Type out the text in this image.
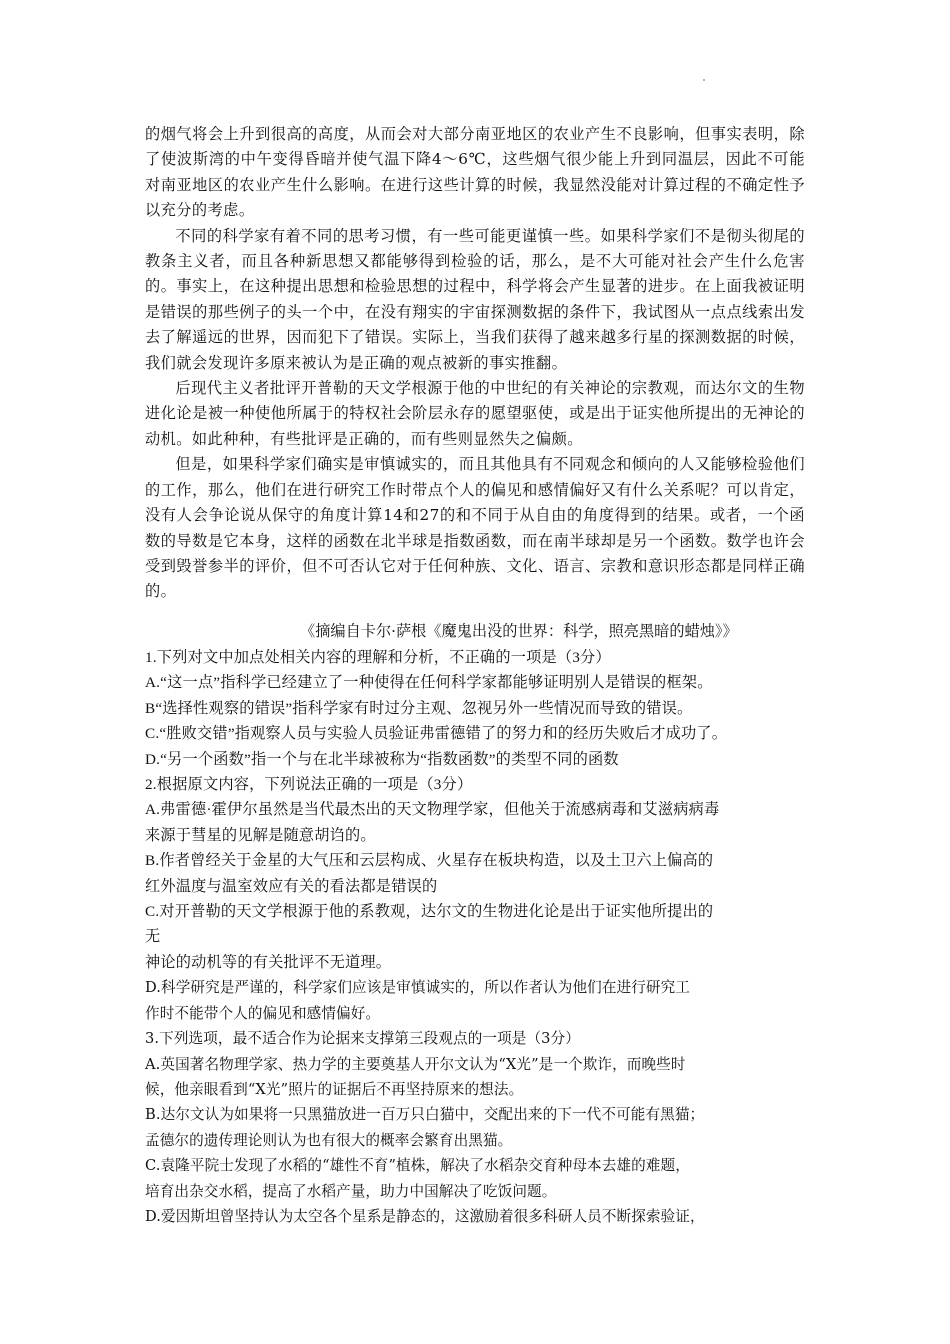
的烟气将会上升到很高的高度，从而会对大部分南亚地区的农业产生不良影响，但事实表明，除了使波斯湾的中午变得昏暗并使气温下降4～6℃，这些烟气很少能上升到同温层，因此不可能对南亚地区的农业产生什么影响。在进行这些计算的时候，我显然没能对计算过程的不确定性予以充分的考虑。

不同的科学家有着不同的思考习惯，有一些可能更谨慎一些。如果科学家们不是彻头彻尾的教条主义者，而且各种新思想又都能够得到检验的话，那么，是不大可能对社会产生什么危害的。事实上，在这种提出思想和检验思想的过程中，科学将会产生显著的进步。在上面我被证明是错误的那些例子的头一个中，在没有翔实的宇宙探测数据的条件下，我试图从一点点线索出发去了解遥远的世界，因而犯下了错误。实际上，当我们获得了越来越多行星的探测数据的时候，我们就会发现许多原来被认为是正确的观点被新的事实推翻。

后现代主义者批评开普勒的天文学根源于他的中世纪的有关神论的宗教观，而达尔文的生物进化论是被一种使他所属于的特权社会阶层永存的愿望驱使，或是出于证实他所提出的无神论的动机。如此种种，有些批评是正确的，而有些则显然失之偏颇。

但是，如果科学家们确实是审慎诚实的，而且其他具有不同观念和倾向的人又能够检验他们的工作，那么，他们在进行研究工作时带点个人的偏见和感情偏好又有什么关系呢？可以肯定，没有人会争论说从保守的角度计算14和27的和不同于从自由的角度得到的结果。或者，一个函数的导数是它本身，这样的函数在北半球是指数函数，而在南半球却是另一个函数。数学也许会受到毁誉参半的评价，但不可否认它对于任何种族、文化、语言、宗教和意识形态都是同样正确的。

《摘编自卡尔·萨根《魔鬼出没的世界：科学，照亮黑暗的蜡烛》》
1.下列对文中加点处相关内容的理解和分析，不正确的一项是（3分）
A.“这一点”指科学已经建立了一种使得在任何科学家都能够证明别人是错误的框架。
B“选择性观察的错误”指科学家有时过分主观、忽视另外一些情况而导致的错误。
C.“胜败交错”指观察人员与实验人员验证弗雷德错了的努力和的经历失败后才成功了。
D.“另一个函数”指一个与在北半球被称为“指数函数”的类型不同的函数
2.根据原文内容，下列说法正确的一项是（3分）
A.弗雷德·霍伊尔虽然是当代最杰出的天文物理学家，但他关于流感病毒和艾滋病病毒
来源于彗星的见解是随意胡诌的。
B.作者曾经关于金星的大气压和云层构成、火星存在板块构造，以及土卫六上偏高的
红外温度与温室效应有关的看法都是错误的
C.对开普勒的天文学根源于他的系教观，达尔文的生物进化论是出于证实他所提出的
无
神论的动机等的有关批评不无道理。
D.科学研究是严谨的，科学家们应该是审慎诚实的，所以作者认为他们在进行研究工
作时不能带个人的偏见和感情偏好。
3.下列选项，最不适合作为论据来支撑第三段观点的一项是（3分）
A.英国著名物理学家、热力学的主要奠基人开尔文认为“X光”是一个欺诈，而晚些时
候，他亲眼看到“X光”照片的证据后不再坚持原来的想法。
B.达尔文认为如果将一只黑猫放进一百万只白猫中，交配出来的下一代不可能有黑猫；
孟德尔的遗传理论则认为也有很大的概率会繁育出黑猫。
C.袁隆平院士发现了水稻的“雄性不育”植株，解决了水稻杂交育种母本去雄的难题，
培育出杂交水稻，提高了水稻产量，助力中国解决了吃饭问题。
D.爱因斯坦曾坚持认为太空各个星系是静态的，这激励着很多科研人员不断探索验证，
